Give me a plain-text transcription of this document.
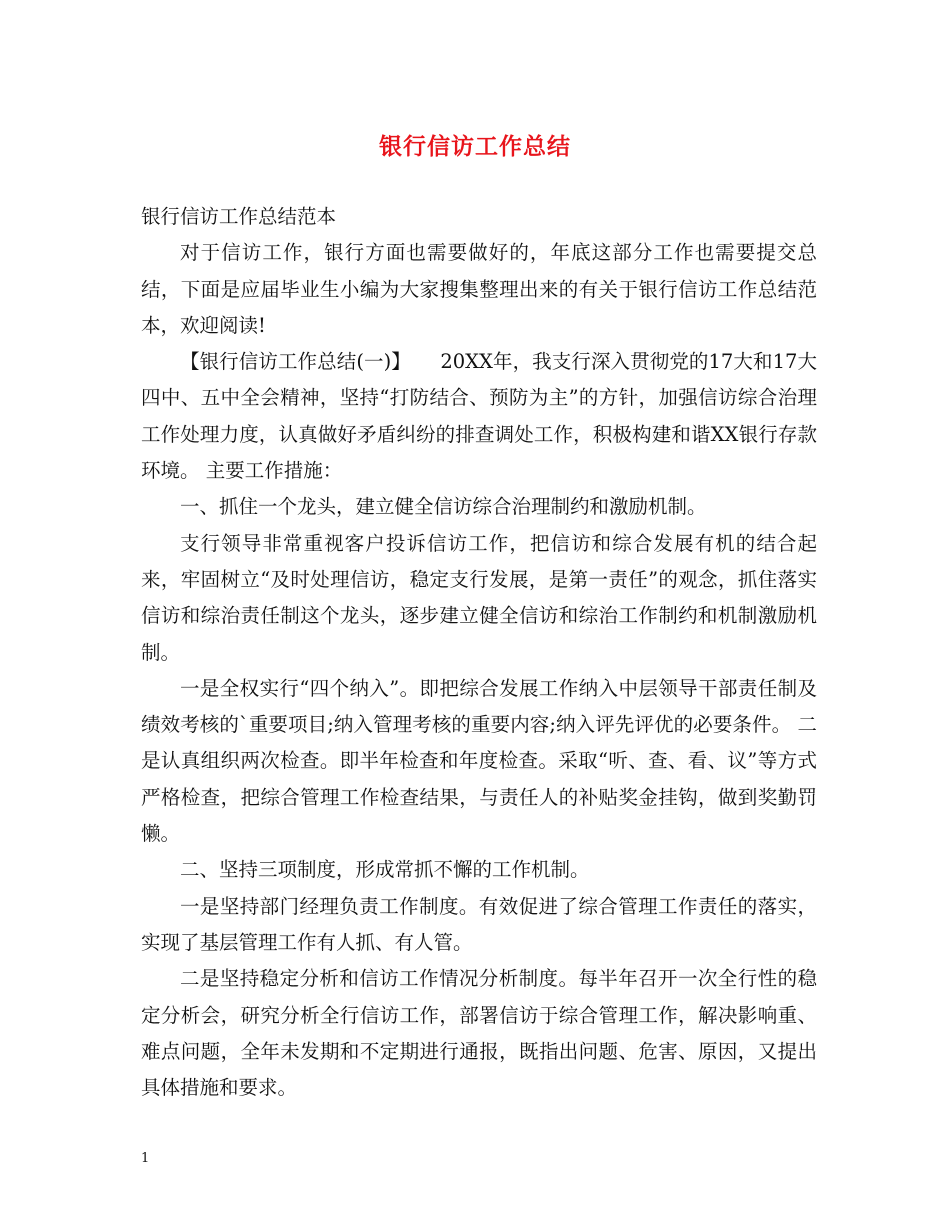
银行信访工作总结

银行信访工作总结范本

对于信访工作，银行方面也需要做好的，年底这部分工作也需要提交总结，下面是应届毕业生小编为大家搜集整理出来的有关于银行信访工作总结范本，欢迎阅读!

【银行信访工作总结(一)】　　20XX年，我支行深入贯彻党的17大和17大四中、五中全会精神，坚持“打防结合、预防为主”的方针，加强信访综合治理工作处理力度，认真做好矛盾纠纷的排查调处工作，积极构建和谐XX银行存款环境。 主要工作措施：

一、抓住一个龙头，建立健全信访综合治理制约和激励机制。

支行领导非常重视客户投诉信访工作，把信访和综合发展有机的结合起来，牢固树立“及时处理信访，稳定支行发展，是第一责任”的观念，抓住落实信访和综治责任制这个龙头，逐步建立健全信访和综治工作制约和机制激励机制。

一是全权实行“四个纳入”。即把综合发展工作纳入中层领导干部责任制及绩效考核的`重要项目;纳入管理考核的重要内容;纳入评先评优的必要条件。 二是认真组织两次检查。即半年检查和年度检查。采取“听、查、看、议”等方式严格检查，把综合管理工作检查结果，与责任人的补贴奖金挂钩，做到奖勤罚懒。

二、坚持三项制度，形成常抓不懈的工作机制。

一是坚持部门经理负责工作制度。有效促进了综合管理工作责任的落实，实现了基层管理工作有人抓、有人管。

二是坚持稳定分析和信访工作情况分析制度。每半年召开一次全行性的稳定分析会，研究分析全行信访工作，部署信访于综合管理工作，解决影响重、难点问题，全年未发期和不定期进行通报，既指出问题、危害、原因，又提出具体措施和要求。

1
